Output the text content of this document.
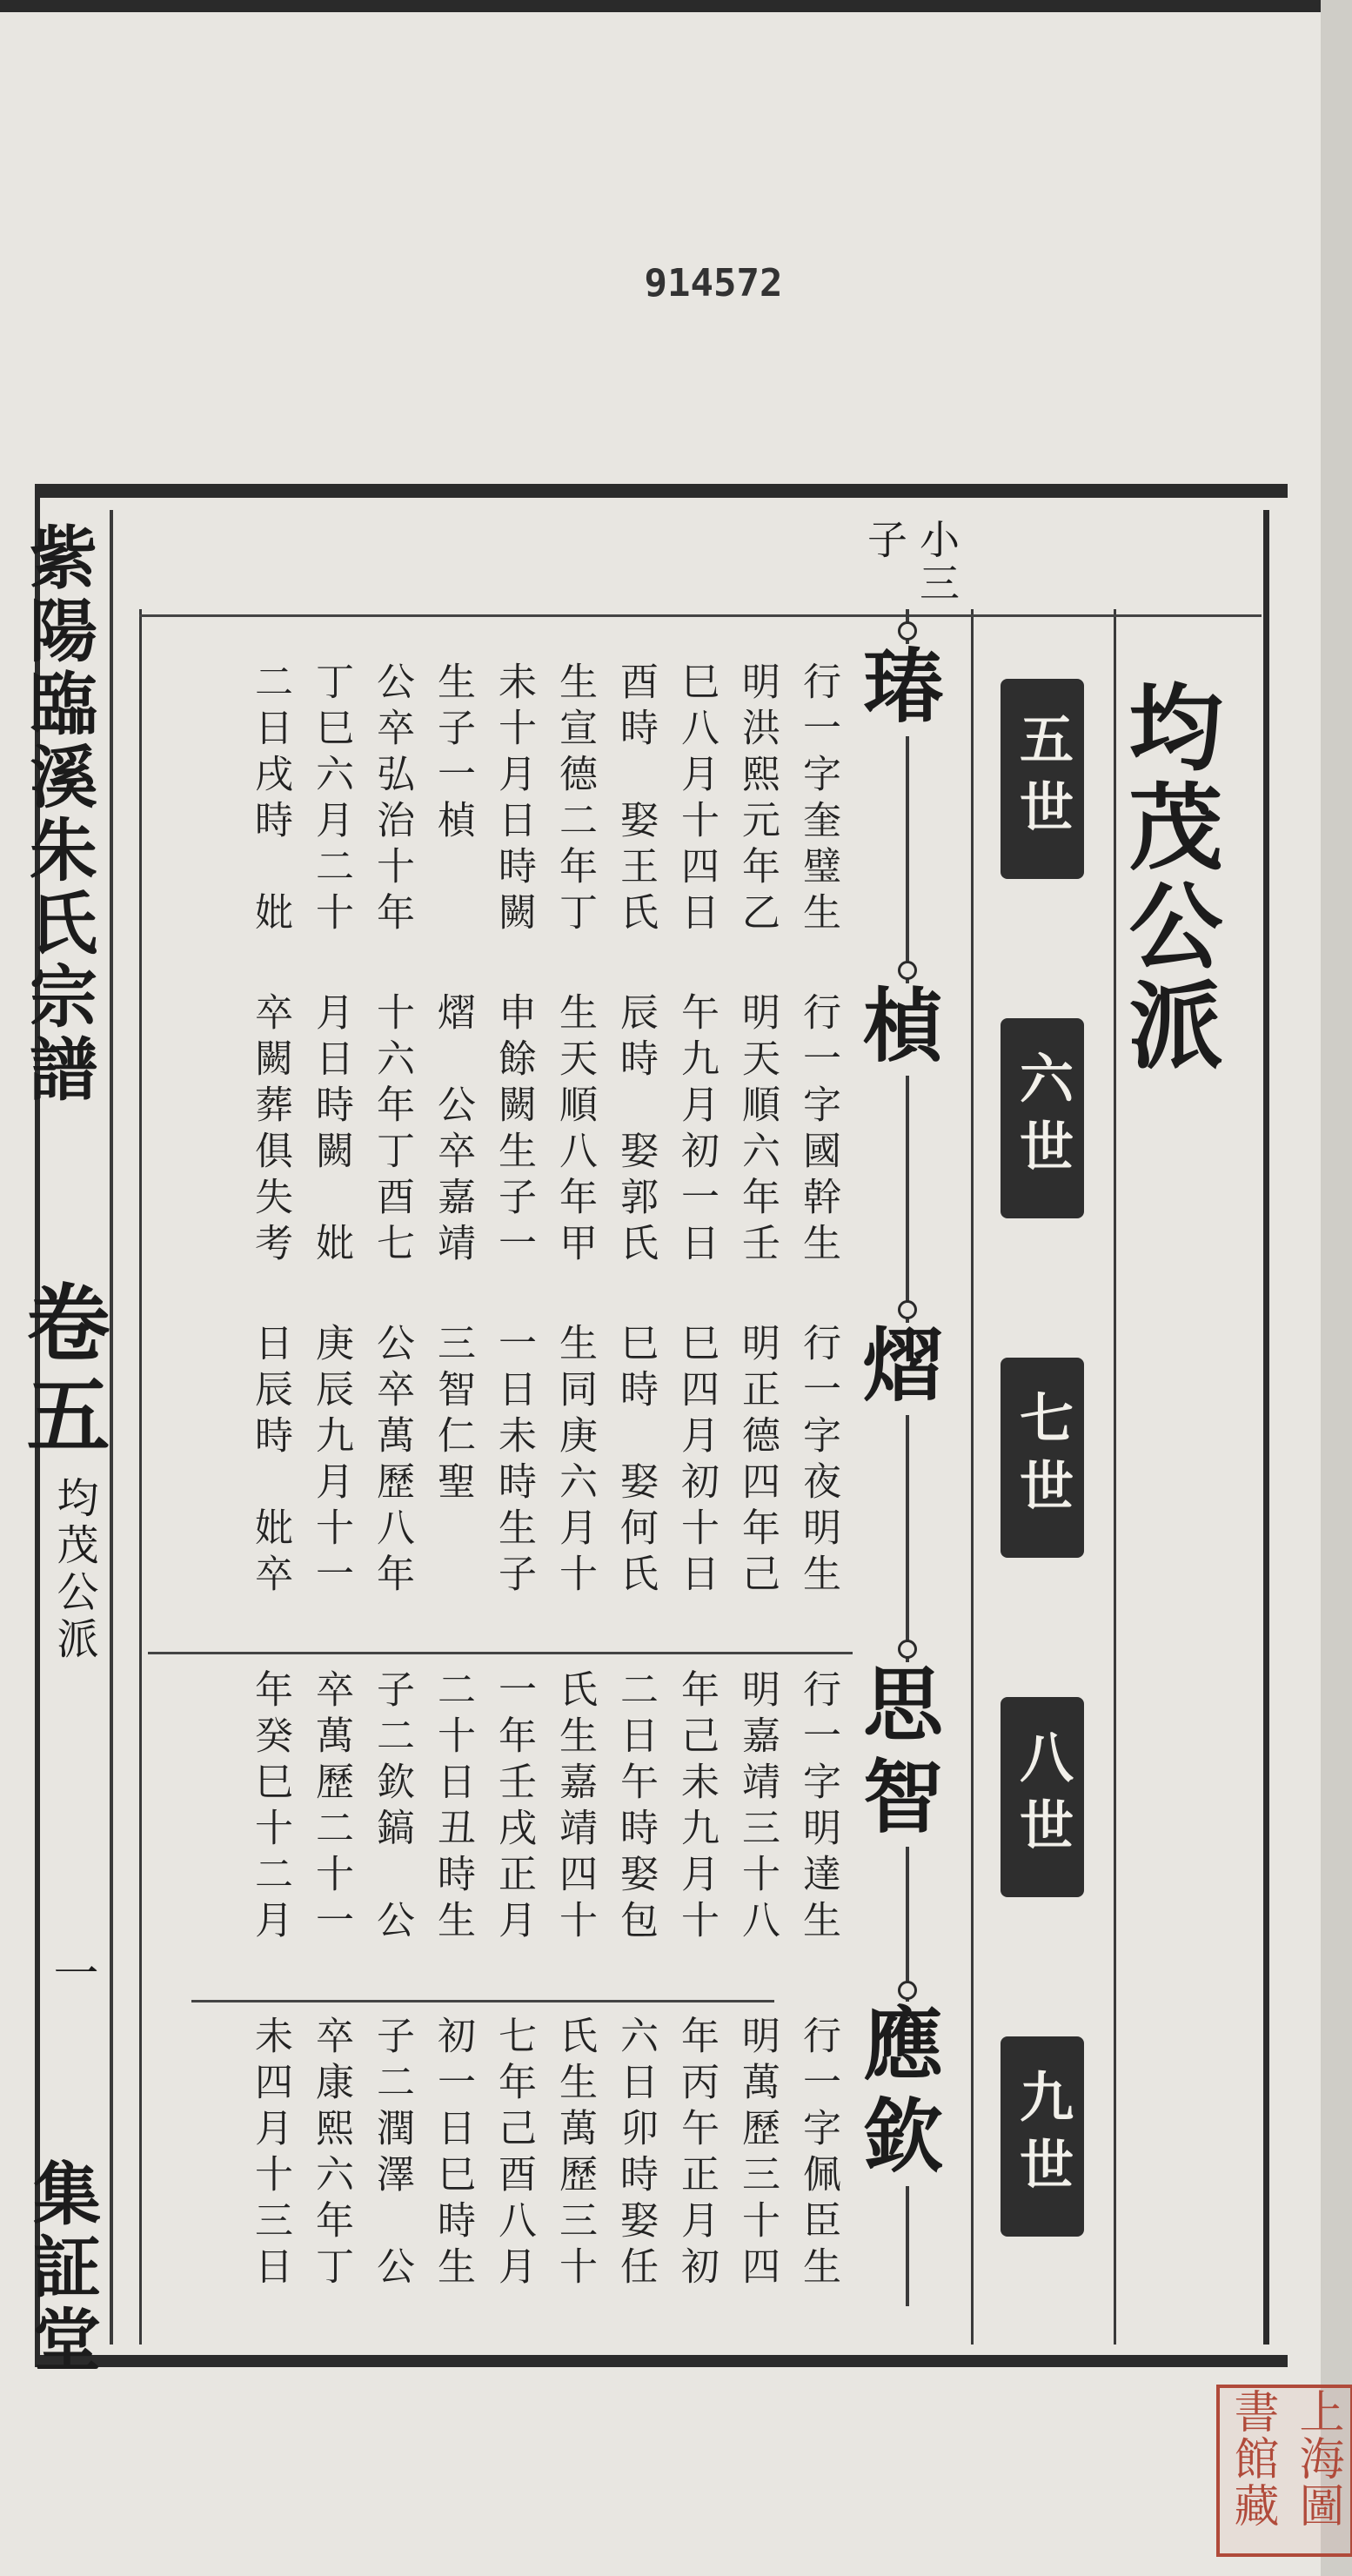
914572
紫陽臨溪朱氏宗譜
卷五
均茂公派
一
集証堂
均茂公派
五世
六世
七世
八世
九世
小三
子
瑃
楨
熠
思智
應欽
行一字奎璧生
明洪熙元年乙
巳八月十四日
酉時　娶王氏
生宣德二年丁
未十月日時闕
生子一楨
公卒弘治十年
丁巳六月二十
二日戌時　妣
行一字國幹生
明天順六年壬
午九月初一日
辰時　娶郭氏
生天順八年甲
申餘闕生子一
熠　公卒嘉靖
十六年丁酉七
月日時闕　妣
卒闕葬俱失考
行一字夜明生
明正德四年己
巳四月初十日
巳時　娶何氏
生同庚六月十
一日未時生子
三智仁聖
公卒萬歷八年
庚辰九月十一
日辰時　妣卒
行一字明達生
明嘉靖三十八
年己未九月十
二日午時娶包
氏生嘉靖四十
一年壬戌正月
二十日丑時生
子二欽鎬　公
卒萬歷二十一
年癸巳十二月
行一字佩臣生
明萬歷三十四
年丙午正月初
六日卯時娶任
氏生萬歷三十
七年己酉八月
初一日巳時生
子二潤澤　公
卒康熙六年丁
未四月十三日
上海圖書館藏
